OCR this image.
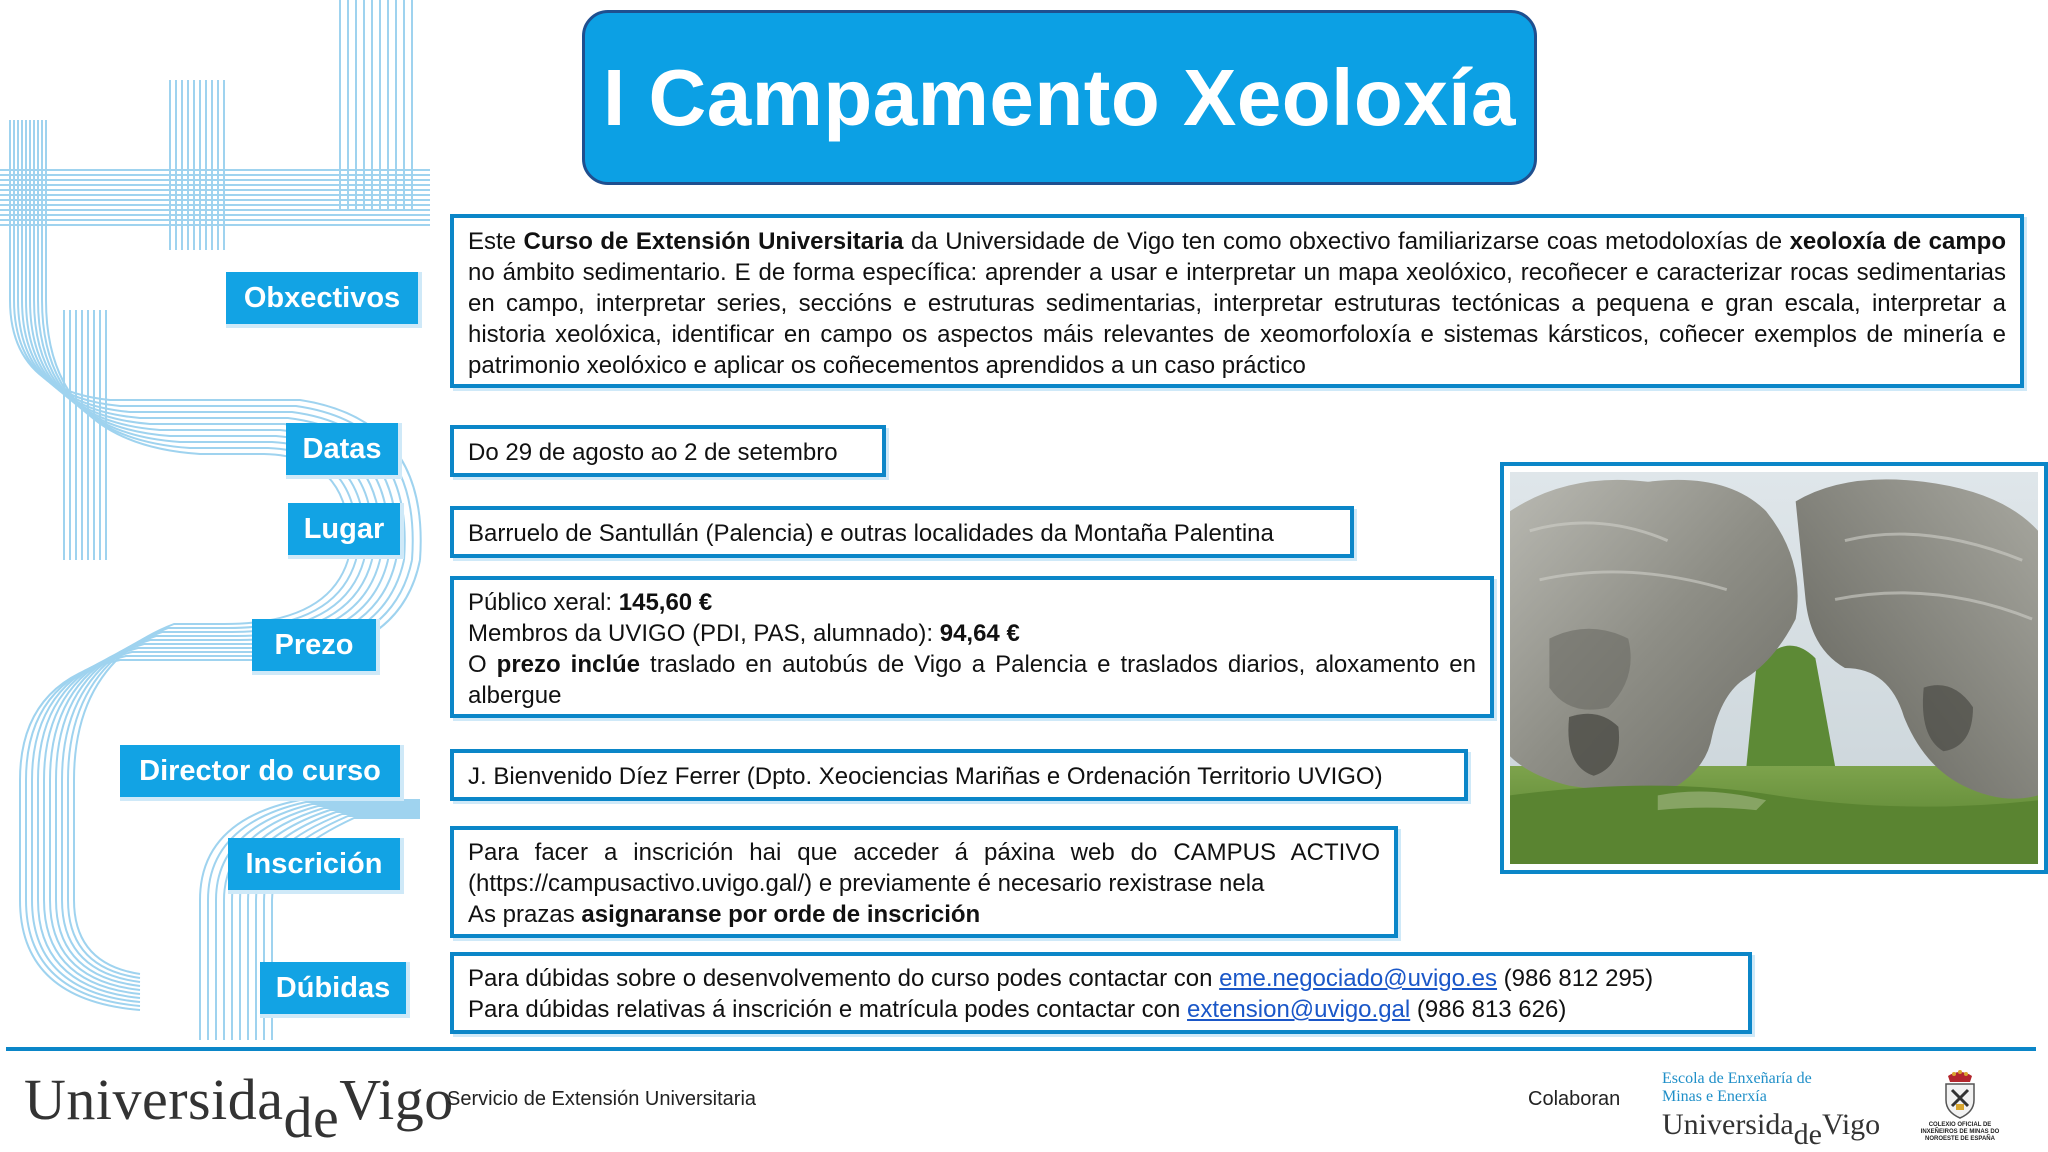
I Campamento Xeoloxía
Obxectivos
Este Curso de Extensión Universitaria da Universidade de Vigo ten como obxectivo familiarizarse coas metodoloxías de xeoloxía de campo no ámbito sedimentario. E de forma específica: aprender a usar e interpretar un mapa xeolóxico, recoñecer e caracterizar rocas sedimentarias en campo, interpretar series, seccións e estruturas sedimentarias, interpretar estruturas tectónicas a pequena e gran escala, interpretar a historia xeolóxica, identificar en campo os aspectos máis relevantes de xeomorfoloxía e sistemas kársticos, coñecer exemplos de minería e patrimonio xeolóxico e aplicar os coñecementos aprendidos a un caso práctico
Datas	Do 29 de agosto ao 2 de setembro
Lugar	Barruelo de Santullán (Palencia) e outras localidades da Montaña Palentina
Prezo
Público xeral: 145,60 €
Membros da UVIGO (PDI, PAS, alumnado): 94,64 €
O prezo inclúe traslado en autobús de Vigo a Palencia e traslados diarios, aloxamento en albergue
Director do curso	J. Bienvenido Díez Ferrer (Dpto. Xeociencias Mariñas e Ordenación Territorio UVIGO)
Inscrición	Para facer a inscrición hai que acceder á páxina web do CAMPUS ACTIVO (https://campusactivo.uvigo.gal/) e previamente é necesario rexistrase nela
As prazas asignaranse por orde de inscrición
Dúbidas	Para dúbidas sobre o desenvolvemento do curso podes contactar con eme.negociado@uvigo.es (986 812 295)
Para dúbidas relativas á inscrición e matrícula podes contactar con extension@uvigo.gal (986 813 626)
UniversidadeVigo
Servicio de Extensión Universitaria	Colaboran
Escola de Enxeñaría de
Minas e Enerxía
UniversidadeVigo	COLEXIO OFICIAL DE INXEÑEIROS DE MINAS DO NOROESTE DE ESPAÑA
